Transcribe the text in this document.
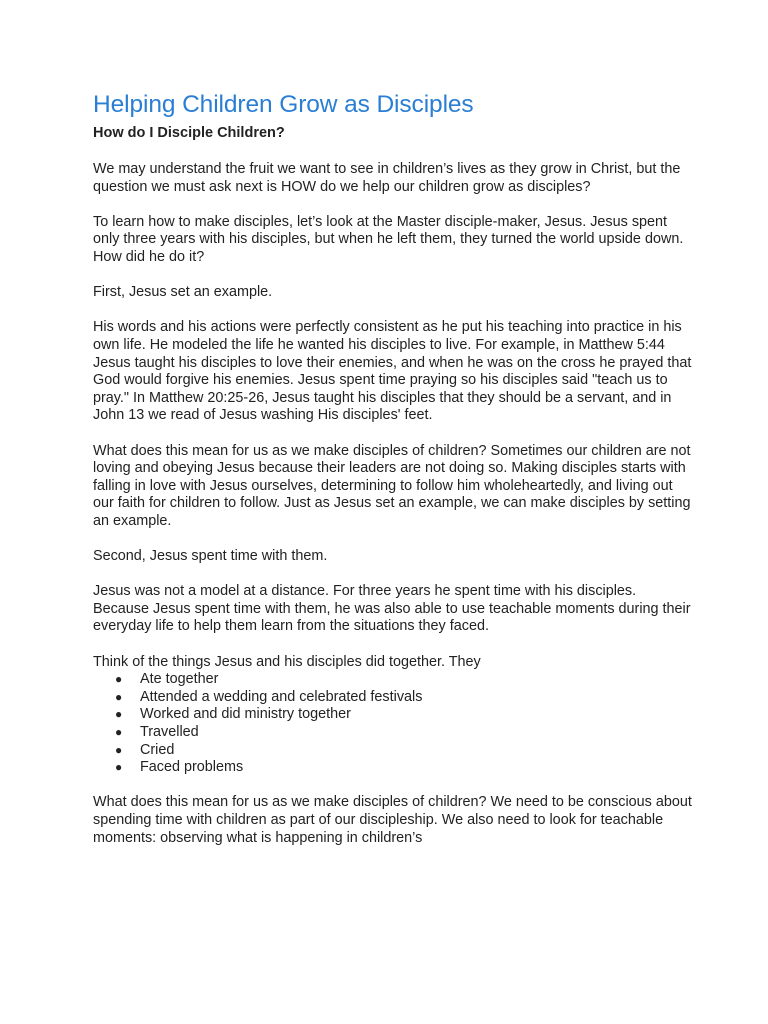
Helping Children Grow as Disciples

How do I Disciple Children?

We may understand the fruit we want to see in children’s lives as they grow in Christ, but the question we must ask next is HOW do we help our children grow as disciples?

To learn how to make disciples, let’s look at the Master disciple-maker, Jesus. Jesus spent only three years with his disciples, but when he left them, they turned the world upside down. How did he do it?

First, Jesus set an example.

His words and his actions were perfectly consistent as he put his teaching into practice in his own life. He modeled the life he wanted his disciples to live. For example, in Matthew 5:44 Jesus taught his disciples to love their enemies, and when he was on the cross he prayed that God would forgive his enemies. Jesus spent time praying so his disciples said "teach us to pray." In Matthew 20:25-26, Jesus taught his disciples that they should be a servant, and in John 13 we read of Jesus washing His disciples' feet.

What does this mean for us as we make disciples of children? Sometimes our children are not loving and obeying Jesus because their leaders are not doing so. Making disciples starts with falling in love with Jesus ourselves, determining to follow him wholeheartedly, and living out our faith for children to follow. Just as Jesus set an example, we can make disciples by setting an example.

Second, Jesus spent time with them.

Jesus was not a model at a distance. For three years he spent time with his disciples. Because Jesus spent time with them, he was also able to use teachable moments during their everyday life to help them learn from the situations they faced.

Think of the things Jesus and his disciples did together. They

● Ate together
● Attended a wedding and celebrated festivals
● Worked and did ministry together
● Travelled
● Cried
● Faced problems

What does this mean for us as we make disciples of children? We need to be conscious about spending time with children as part of our discipleship. We also need to look for teachable moments: observing what is happening in children’s
